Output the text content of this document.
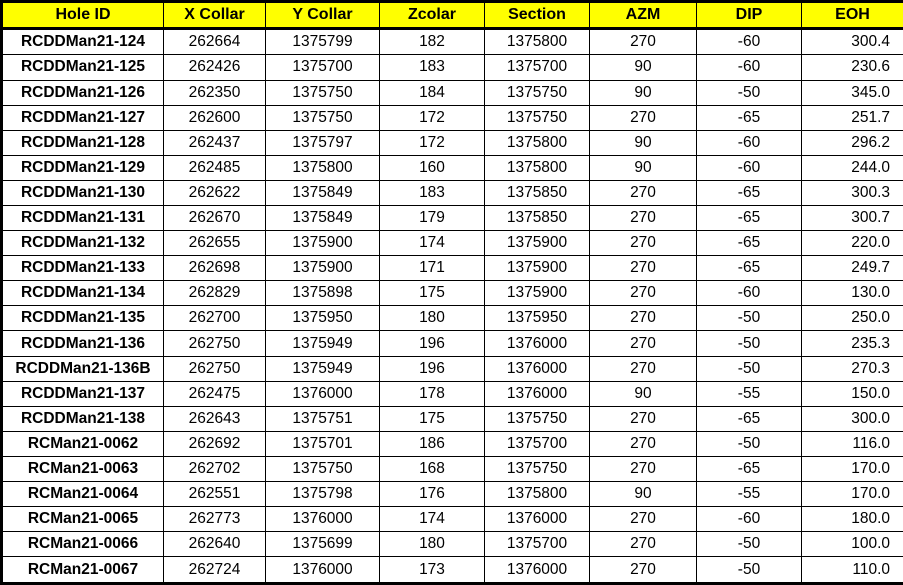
Hole ID	X Collar	Y Collar	Zcolar	Section	AZM	DIP	EOH
RCDDMan21-124	262664	1375799	182	1375800	270	-60	300.4
RCDDMan21-125	262426	1375700	183	1375700	90	-60	230.6
RCDDMan21-126	262350	1375750	184	1375750	90	-50	345.0
RCDDMan21-127	262600	1375750	172	1375750	270	-65	251.7
RCDDMan21-128	262437	1375797	172	1375800	90	-60	296.2
RCDDMan21-129	262485	1375800	160	1375800	90	-60	244.0
RCDDMan21-130	262622	1375849	183	1375850	270	-65	300.3
RCDDMan21-131	262670	1375849	179	1375850	270	-65	300.7
RCDDMan21-132	262655	1375900	174	1375900	270	-65	220.0
RCDDMan21-133	262698	1375900	171	1375900	270	-65	249.7
RCDDMan21-134	262829	1375898	175	1375900	270	-60	130.0
RCDDMan21-135	262700	1375950	180	1375950	270	-50	250.0
RCDDMan21-136	262750	1375949	196	1376000	270	-50	235.3
RCDDMan21-136B	262750	1375949	196	1376000	270	-50	270.3
RCDDMan21-137	262475	1376000	178	1376000	90	-55	150.0
RCDDMan21-138	262643	1375751	175	1375750	270	-65	300.0
RCMan21-0062	262692	1375701	186	1375700	270	-50	116.0
RCMan21-0063	262702	1375750	168	1375750	270	-65	170.0
RCMan21-0064	262551	1375798	176	1375800	90	-55	170.0
RCMan21-0065	262773	1376000	174	1376000	270	-60	180.0
RCMan21-0066	262640	1375699	180	1375700	270	-50	100.0
RCMan21-0067	262724	1376000	173	1376000	270	-50	110.0
